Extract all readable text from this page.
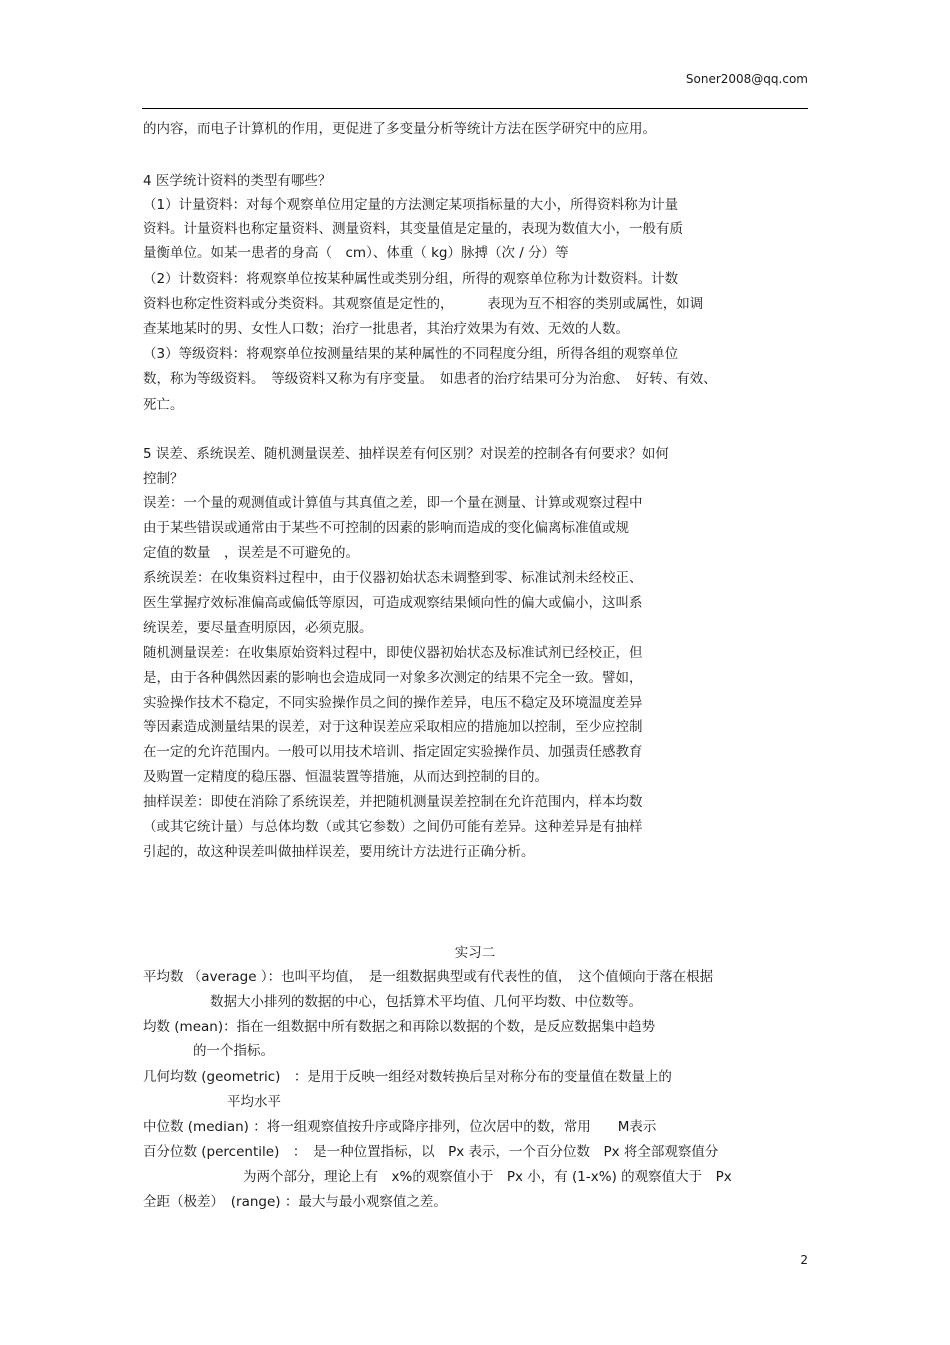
Soner2008@qq.com
的内容，而电子计算机的作用，更促进了多变量分析等统计方法在医学研究中的应用。
4 医学统计资料的类型有哪些？
（1）计量资料：对每个观察单位用定量的方法测定某项指标量的大小，所得资料称为计量
资料。计量资料也称定量资料、测量资料，其变量值是定量的，表现为数值大小，一般有质
量衡单位。如某一患者的身高（　cm）、体重（ kg）脉搏（次 / 分）等
（2）计数资料：将观察单位按某种属性或类别分组，所得的观察单位称为计数资料。计数
资料也称定性资料或分类资料。其观察值是定性的，　　　表现为互不相容的类别或属性，如调
查某地某时的男、女性人口数；治疗一批患者，其治疗效果为有效、无效的人数。
（3）等级资料：将观察单位按测量结果的某种属性的不同程度分组，所得各组的观察单位
数，称为等级资料。　等级资料又称为有序变量。　如患者的治疗结果可分为治愈、　好转、有效、
死亡。
5 误差、系统误差、随机测量误差、抽样误差有何区别？对误差的控制各有何要求？如何
控制？
误差：一个量的观测值或计算值与其真值之差，即一个量在测量、计算或观察过程中
由于某些错误或通常由于某些不可控制的因素的影响而造成的变化偏离标准值或规
定值的数量　，误差是不可避免的。
系统误差：在收集资料过程中，由于仪器初始状态未调整到零、标准试剂未经校正、
医生掌握疗效标准偏高或偏低等原因，可造成观察结果倾向性的偏大或偏小，这叫系
统误差，要尽量查明原因，必须克服。
随机测量误差：在收集原始资料过程中，即使仪器初始状态及标准试剂已经校正，但
是，由于各种偶然因素的影响也会造成同一对象多次测定的结果不完全一致。譬如，
实验操作技术不稳定，不同实验操作员之间的操作差异，电压不稳定及环境温度差异
等因素造成测量结果的误差，对于这种误差应采取相应的措施加以控制，至少应控制
在一定的允许范围内。一般可以用技术培训、指定固定实验操作员、加强责任感教育
及购置一定精度的稳压器、恒温装置等措施，从而达到控制的目的。
抽样误差：即使在消除了系统误差，并把随机测量误差控制在允许范围内，样本均数
（或其它统计量）与总体均数（或其它参数）之间仍可能有差异。这种差异是有抽样
引起的，故这种误差叫做抽样误差，要用统计方法进行正确分析。
实习二
平均数 （average ）：也叫平均值，　是一组数据典型或有代表性的值，　这个值倾向于落在根据
数据大小排列的数据的中心，包括算术平均值、几何平均数、中位数等。
均数 (mean)：指在一组数据中所有数据之和再除以数据的个数，是反应数据集中趋势
的一个指标。
几何均数 (geometric)　：是用于反映一组经对数转换后呈对称分布的变量值在数量上的
平均水平
中位数 (median) ：将一组观察值按升序或降序排列，位次居中的数，常用　　M表示
百分位数 (percentile)　：　是一种位置指标，以　Px 表示，一个百分位数　Px 将全部观察值分
为两个部分，理论上有　x%的观察值小于　Px 小，有 (1-x%) 的观察值大于　Px
全距（极差）　(range) ：最大与最小观察值之差。
2
